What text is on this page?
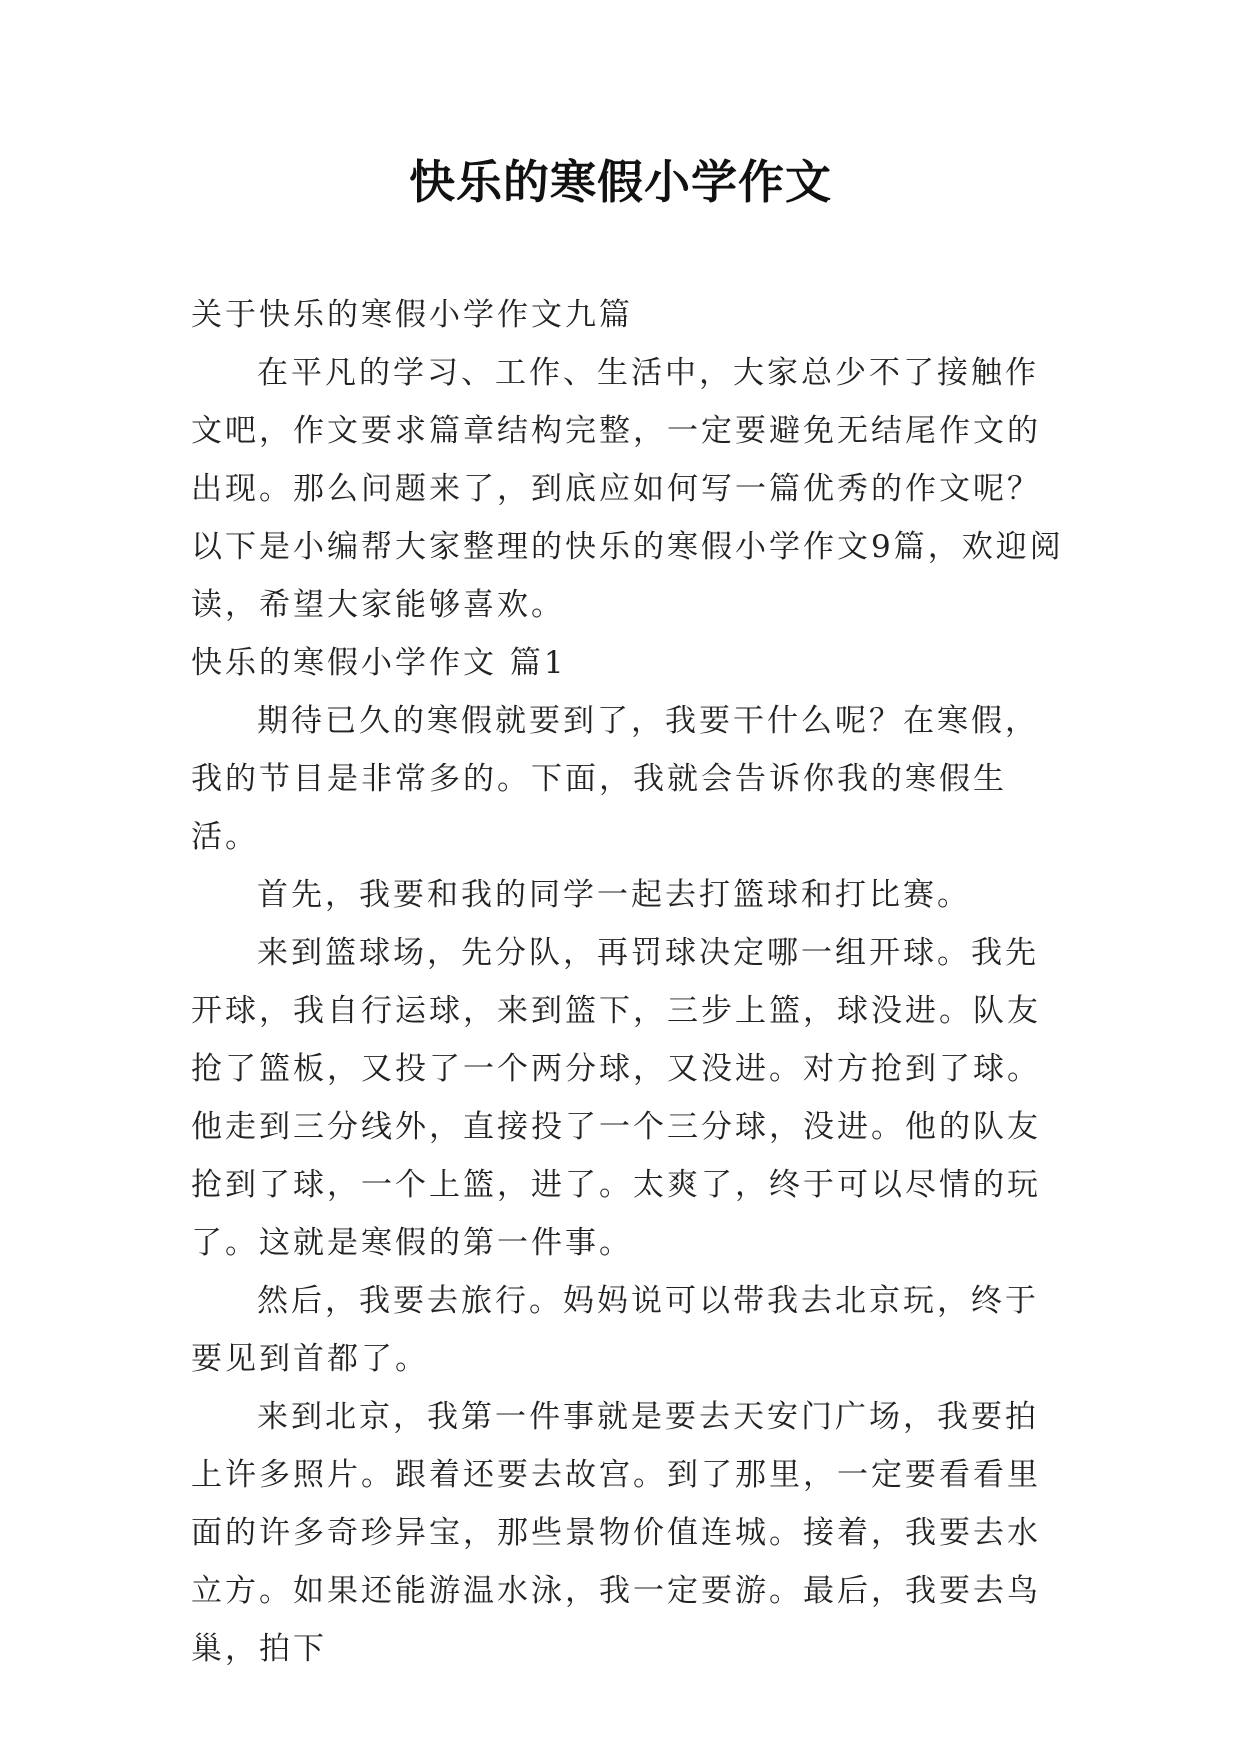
快乐的寒假小学作文

关于快乐的寒假小学作文九篇

在平凡的学习、工作、生活中，大家总少不了接触作文吧，作文要求篇章结构完整，一定要避免无结尾作文的出现。那么问题来了，到底应如何写一篇优秀的作文呢？以下是小编帮大家整理的快乐的寒假小学作文9篇，欢迎阅读，希望大家能够喜欢。

快乐的寒假小学作文 篇1

期待已久的寒假就要到了，我要干什么呢？在寒假，我的节目是非常多的。下面，我就会告诉你我的寒假生活。

首先，我要和我的同学一起去打篮球和打比赛。

来到篮球场，先分队，再罚球决定哪一组开球。我先开球，我自行运球，来到篮下，三步上篮，球没进。队友抢了篮板，又投了一个两分球，又没进。对方抢到了球。他走到三分线外，直接投了一个三分球，没进。他的队友抢到了球，一个上篮，进了。太爽了，终于可以尽情的玩了。这就是寒假的第一件事。

然后，我要去旅行。妈妈说可以带我去北京玩，终于要见到首都了。

来到北京，我第一件事就是要去天安门广场，我要拍上许多照片。跟着还要去故宫。到了那里，一定要看看里面的许多奇珍异宝，那些景物价值连城。接着，我要去水立方。如果还能游温水泳，我一定要游。最后，我要去鸟巢，拍下
